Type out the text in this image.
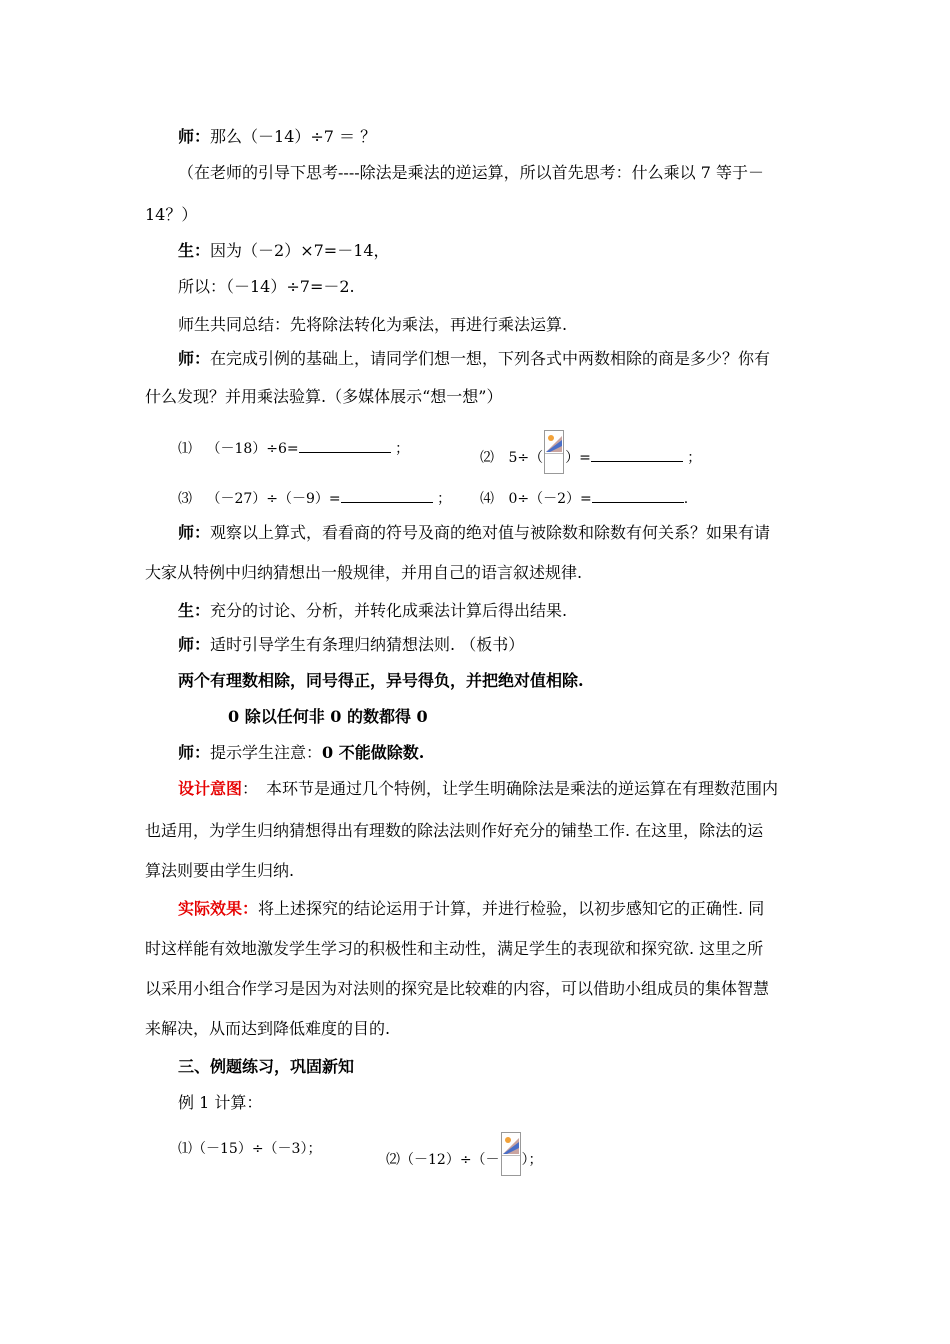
师：那么（－14）÷7 ＝ ？
（在老师的引导下思考----除法是乘法的逆运算，所以首先思考：什么乘以 7 等于－
14？）
生：因为（－2）×7=－14，
所以：（－14）÷7=－2.
师生共同总结：先将除法转化为乘法，再进行乘法运算.
师：在完成引例的基础上，请同学们想一想，下列各式中两数相除的商是多少？你有
什么发现？并用乘法验算.（多媒体展示“想一想”）
⑴ （－18）÷6=	；
⑵ 5÷（ ）=	；
⑶ （－27）÷（－9）=	； ⑷ 0÷（－2）=	.
师：观察以上算式，看看商的符号及商的绝对值与被除数和除数有何关系？如果有请
大家从特例中归纳猜想出一般规律，并用自己的语言叙述规律.
生：充分的讨论、分析，并转化成乘法计算后得出结果.
师：适时引导学生有条理归纳猜想法则. （板书）
两个有理数相除，同号得正，异号得负，并把绝对值相除.
0 除以任何非 0 的数都得 0
师：提示学生注意：0 不能做除数.
设计意图： 本环节是通过几个特例，让学生明确除法是乘法的逆运算在有理数范围内
也适用，为学生归纳猜想得出有理数的除法法则作好充分的铺垫工作. 在这里，除法的运
算法则要由学生归纳.
实际效果：将上述探究的结论运用于计算，并进行检验，以初步感知它的正确性. 同
时这样能有效地激发学生学习的积极性和主动性，满足学生的表现欲和探究欲. 这里之所
以采用小组合作学习是因为对法则的探究是比较难的内容，可以借助小组成员的集体智慧
来解决，从而达到降低难度的目的.
三、例题练习，巩固新知
例 1 计算：
⑴（－15）÷（－3）；
⑵（－12）÷（－ ）；
